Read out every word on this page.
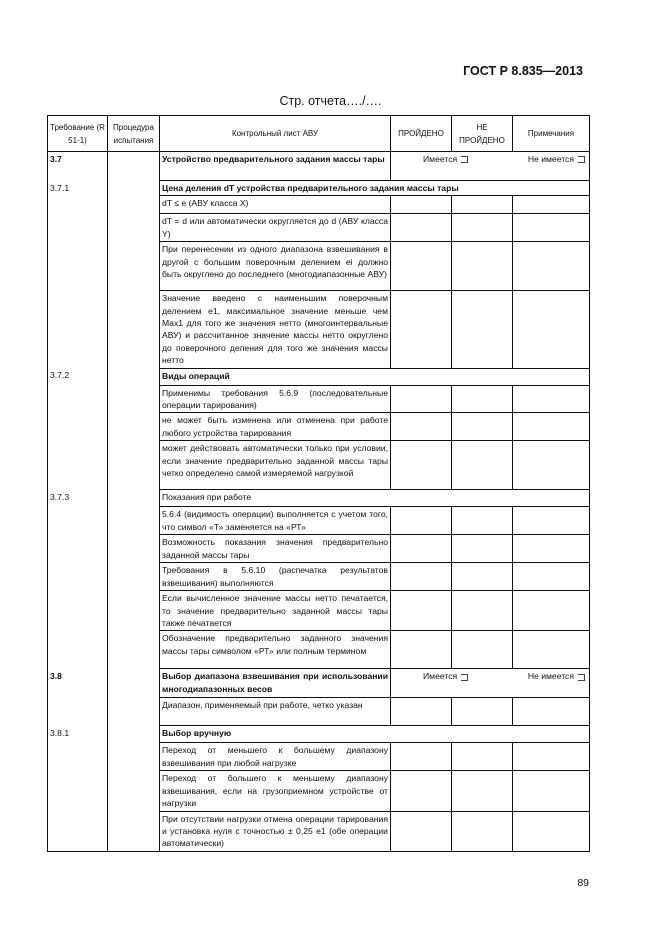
ГОСТ Р 8.835—2013
Стр. отчета…./….
Требование (R 51-1)	Процедура испытания	Контрольный лист АВУ	ПРОЙДЕНО	НЕ ПРОЙДЕНО	Примечания
3.7		Устройство предварительного задания массы тары	Имеется Не имеется		

3.7.1		Цена деления dT устройства предварительного задания массы тары			
		dT ≤ e (АВУ класса X)			
		dT = d или автоматически округляется до d (АВУ класса Y)			
		При перенесении из одного диапазона взвешивания в другой с большим поверочным делением ei должно быть округлено до последнего (многодиапазонные АВУ)			
		Значение введено с наименьшим поверочным делением e1, максимальное значение меньше чем Max1 для того же значения нетто (многоинтервальные АВУ) и рассчитанное значение массы нетто округлено до поверочного деления для того же значения массы нетто			
3.7.2		Виды операций			
		Применимы требования 5.6.9 (последовательные операции тарирования)			
		не может быть изменена или отменена при работе любого устройства тарирования			
		может действовать автоматически только при условии, если значение предварительно заданной массы тары четко определено самой измеряемой нагрузкой			
3.7.3		Показания при работе			
		5.6.4 (видимость операции) выполняется с учетом того, что символ «Т» заменяется на «РТ»			
		Возможность показания значения предварительно заданной массы тары			
		Требования в 5.6.10 (распечатка результатов взвешивания) выполняются			
		Если вычисленное значение массы нетто печатается, то значение предварительно заданной массы тары также печатается			
		Обозначение предварительно заданного значения массы тары символом «РТ» или полным термином			
3.8		Выбор диапазона взвешивания при использовании многодиапазонных весов	Имеется Не имеется		

		Диапазон, применяемый при работе, четко указан			
3.8.1		Выбор вручную			
		Переход от меньшего к большему диапазону взвешивания при любой нагрузке			
		Переход от большего к меньшему диапазону взвешивания, если на грузоприемном устройстве от нагрузки			
		При отсутствии нагрузки отмена операции тарирования и установка нуля с точностью ± 0,25 e1 (обе операции автоматически)			
89
